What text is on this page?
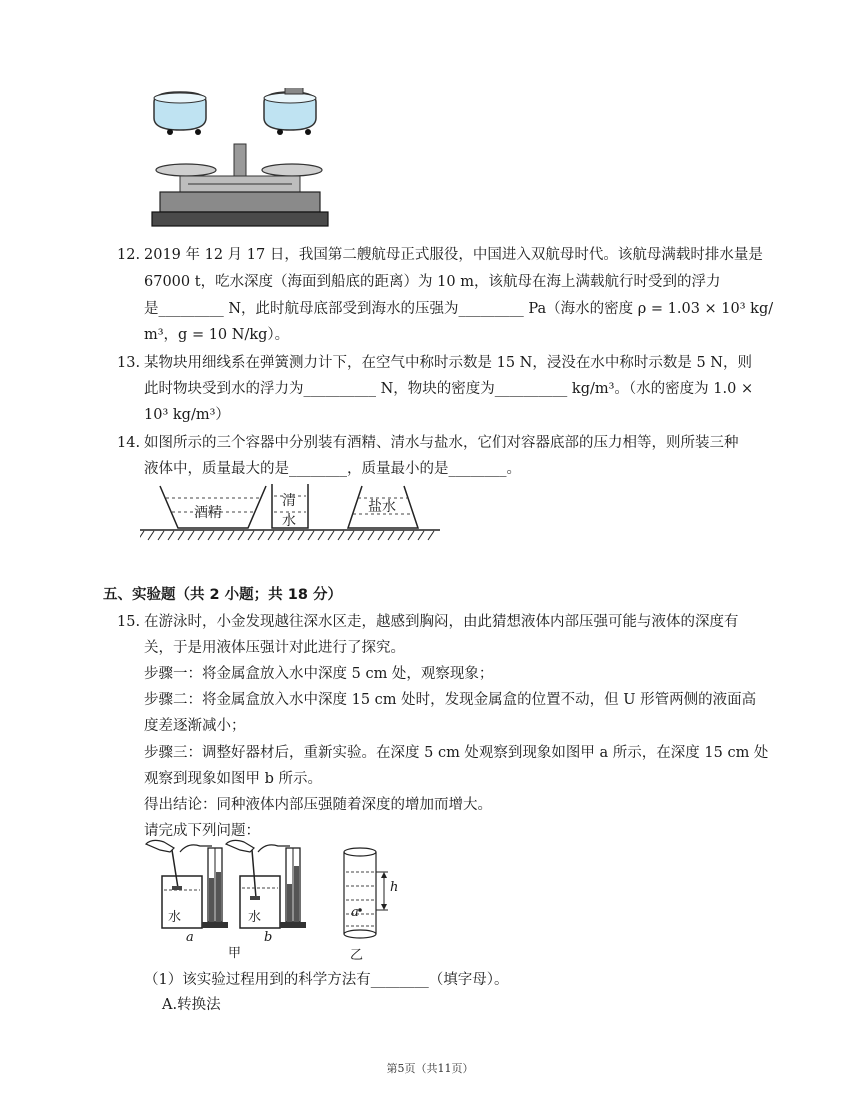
12. 2019 年 12 月 17 日，我国第二艘航母正式服役，中国进入双航母时代。该航母满载时排水量是
67000 t，吃水深度（海面到船底的距离）为 10 m，该航母在海上满载航行时受到的浮力
是_________ N，此时航母底部受到海水的压强为_________ Pa（海水的密度 ρ = 1.03 × 10³ kg/
m³，g = 10 N/kg）。
13. 某物块用细线系在弹簧测力计下，在空气中称时示数是 15 N，浸没在水中称时示数是 5 N，则
此时物块受到水的浮力为__________ N，物块的密度为__________ kg/m³。（水的密度为 1.0 ×
10³ kg/m³）
14. 如图所示的三个容器中分别装有酒精、清水与盐水，它们对容器底部的压力相等，则所装三种
液体中，质量最大的是________，质量最小的是________。
酒精
清
水
盐水
五、实验题（共 2 小题；共 18 分）
15. 在游泳时，小金发现越往深水区走，越感到胸闷，由此猜想液体内部压强可能与液体的深度有
关，于是用液体压强计对此进行了探究。
步骤一：将金属盒放入水中深度 5 cm 处，观察现象；
步骤二：将金属盒放入水中深度 15 cm 处时，发现金属盒的位置不动，但 U 形管两侧的液面高
度差逐渐减小；
步骤三：调整好器材后，重新实验。在深度 5 cm 处观察到现象如图甲 a 所示，在深度 15 cm 处
观察到现象如图甲 b 所示。
得出结论：同种液体内部压强随着深度的增加而增大。
请完成下列问题：
水	水
a	b
甲	乙
h
a
（1）该实验过程用到的科学方法有________（填字母）。
A.转换法
第5页（共11页）
